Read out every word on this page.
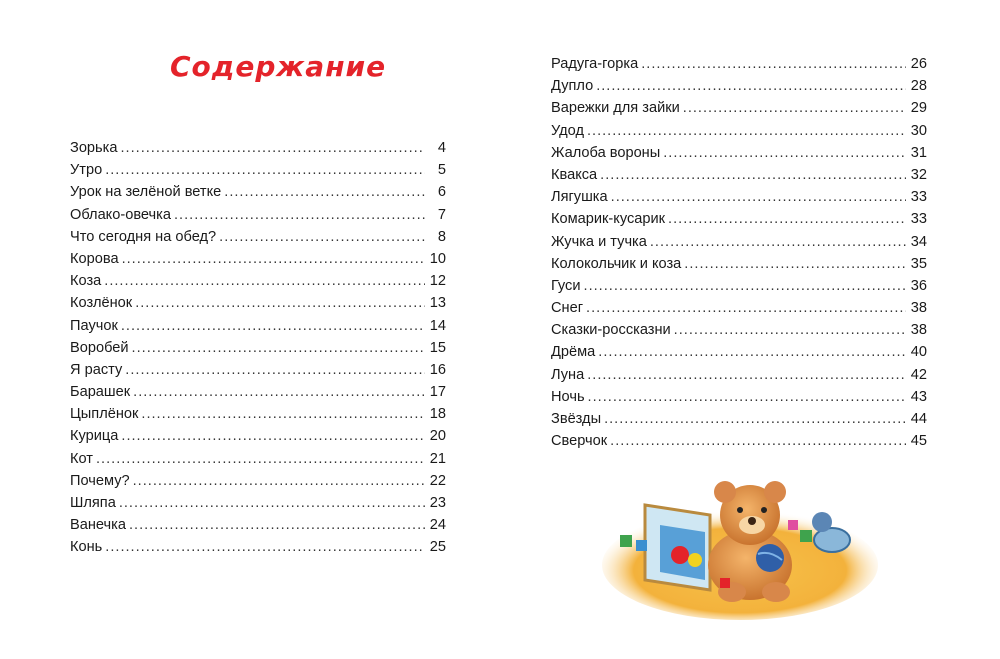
Содержание
Зорька .....	4
Утро .....	5
Урок на зелёной ветке .....	6
Облако-овечка .....	7
Что сегодня на обед? .....	8
Корова .....	10
Коза .....	12
Козлёнок .....	13
Паучок .....	14
Воробей .....	15
Я расту .....	16
Барашек .....	17
Цыплёнок .....	18
Курица .....	20
Кот .....	21
Почему? .....	22
Шляпа .....	23
Ванечка .....	24
Конь .....	25
Радуга-горка .....	26
Дупло .....	28
Варежки для зайки .....	29
Удод .....	30
Жалоба вороны .....	31
Квакса .....	32
Лягушка .....	33
Комарик-кусарик .....	33
Жучка и тучка .....	34
Колокольчик и коза .....	35
Гуси .....	36
Снег .....	38
Сказки-россказни .....	38
Дрёма .....	40
Луна .....	42
Ночь .....	43
Звёзды .....	44
Сверчок .....	45
